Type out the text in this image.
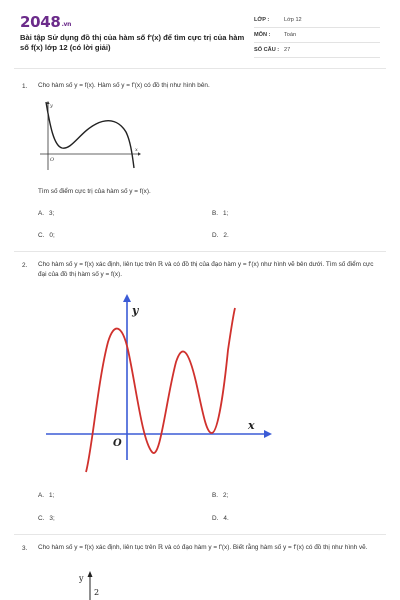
2048.vn
Bài tập Sử dụng đồ thị của hàm số f'(x) để tìm cực trị của hàm số f(x) lớp 12 (có lời giải)
LỚP :	Lớp 12
MÔN : Toán
SỐ CÂU : 27
1. Cho hàm số y = f(x). Hàm số y = f'(x) có đồ thị như hình bên.
y
x
O
Tìm số điểm cực trị của hàm số y = f(x).
A. 3;	B. 1;
C. 0;	D. 2.
2. Cho hàm số y = f(x) xác định, liên tục trên ℝ và có đồ thị của đạo hàm y = f'(x) như hình vẽ bên dưới. Tìm số điểm cực đại của đồ thị hàm số y = f(x).
y
x
O
A. 1;	B. 2;
C. 3;	D. 4.
3. Cho hàm số y = f(x) xác định, liên tục trên ℝ và có đạo hàm y = f'(x). Biết rằng hàm số y = f'(x) có đồ thị như hình vẽ.
y
2
